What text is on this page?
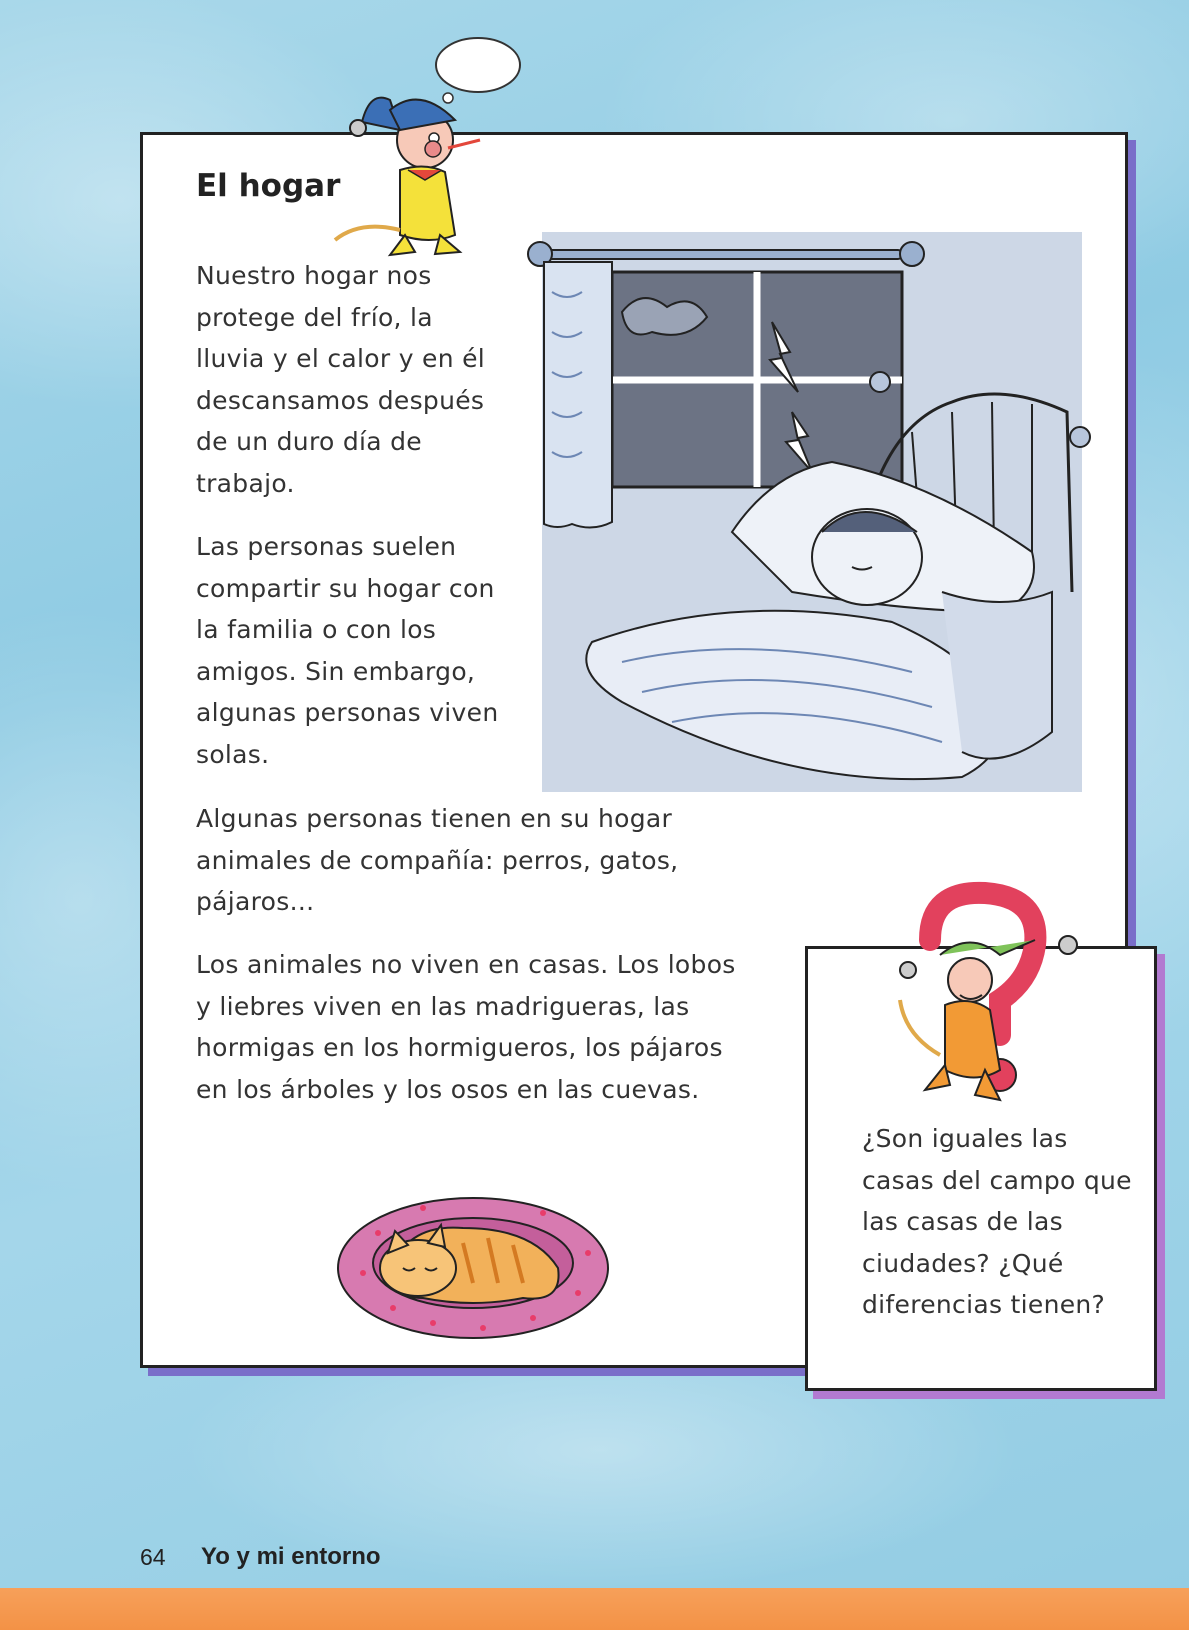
El hogar

Nuestro hogar nos protege del frío, la lluvia y el calor y en él descansamos después de un duro día de trabajo.

Las personas suelen compartir su hogar con la familia o con los amigos. Sin embargo, algunas personas viven solas.

Algunas personas tienen en su hogar animales de compañía: perros, gatos, pájaros...

Los animales no viven en casas. Los lobos y liebres viven en las madrigueras, las hormigas en los hormigueros, los pájaros en los árboles y los osos en las cuevas.

¿Son iguales las casas del campo que las casas de las ciudades? ¿Qué diferencias tienen?

64 Yo y mi entorno
